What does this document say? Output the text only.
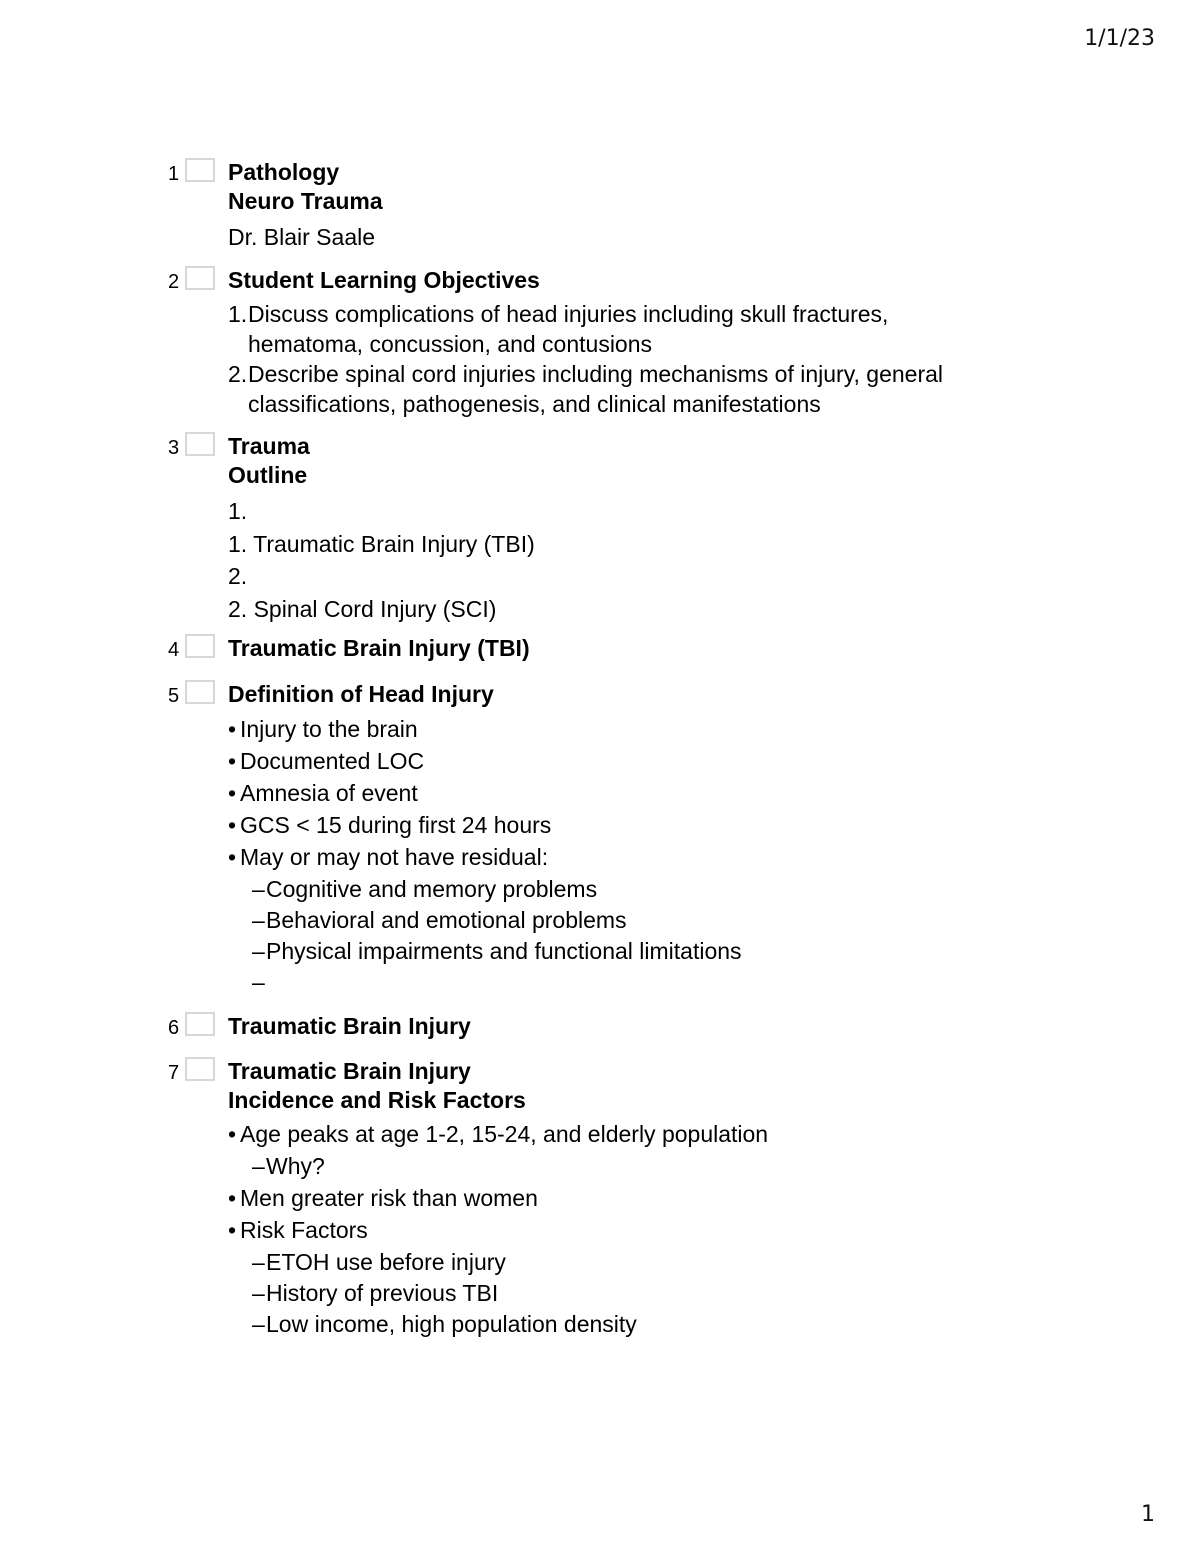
1/1/23
1 Pathology

Neuro Trauma

Dr. Blair Saale

2 Student Learning Objectives

1. Discuss complications of head injuries including skull fractures, hematoma, concussion, and contusions
2. Describe spinal cord injuries including mechanisms of injury, general classifications, pathogenesis, and clinical manifestations
3 Trauma

Outline

1.

1. Traumatic Brain Injury (TBI)

2.

2. Spinal Cord Injury (SCI)

4 Traumatic Brain Injury (TBI)

5 Definition of Head Injury

• Injury to the brain
• Documented LOC
• Amnesia of event
• GCS < 15 during first 24 hours
• May or may not have residual:
–Cognitive and memory problems
–Behavioral and emotional problems
–Physical impairments and functional limitations
–
6 Traumatic Brain Injury

7 Traumatic Brain Injury

Incidence and Risk Factors

• Age peaks at age 1-2, 15-24, and elderly population
–Why?
• Men greater risk than women
• Risk Factors
–ETOH use before injury
–History of previous TBI
–Low income, high population density
1
